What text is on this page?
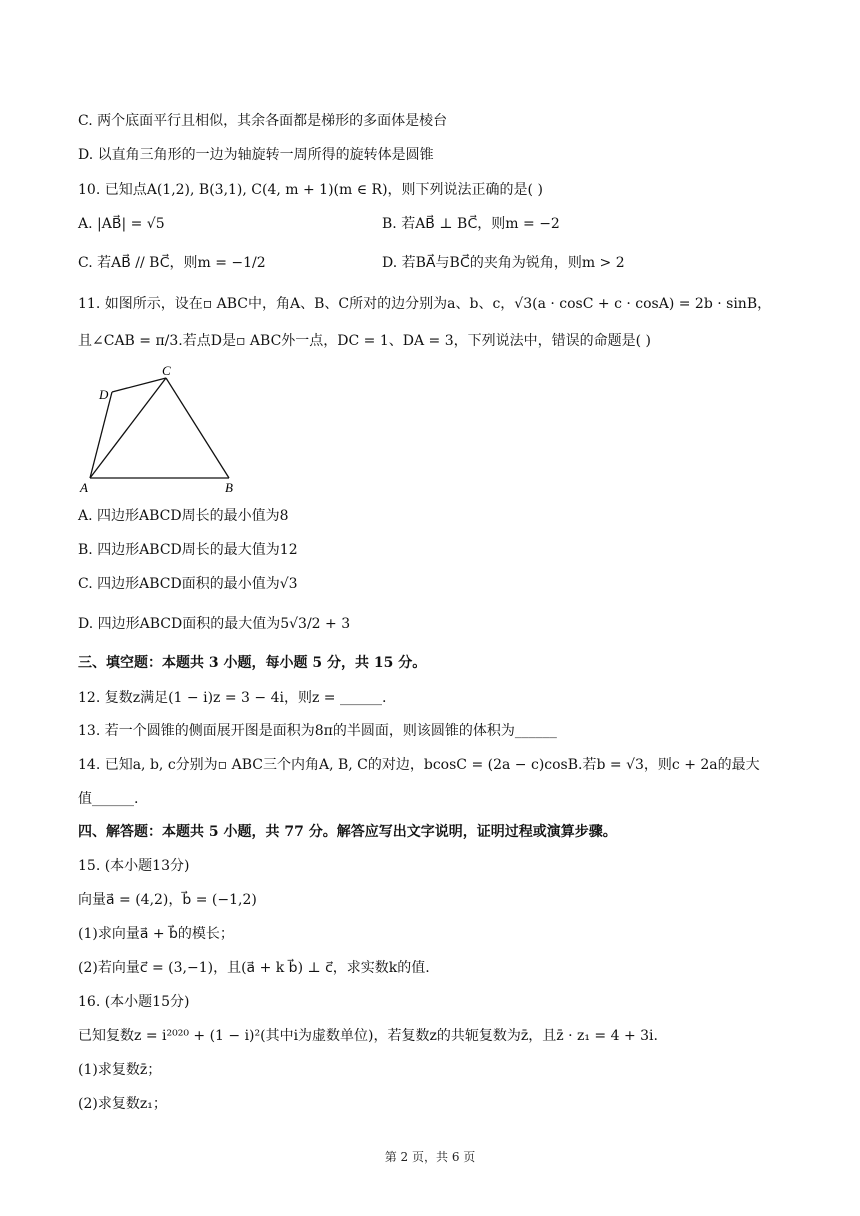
C. 两个底面平行且相似，其余各面都是梯形的多面体是棱台
D. 以直角三角形的一边为轴旋转一周所得的旋转体是圆锥
10. 已知点A(1,2), B(3,1), C(4, m + 1)(m ∈ R)，则下列说法正确的是( )
A. |AB⃗| = √5	B. 若AB⃗ ⊥ BC⃗，则m = −2
C. 若AB⃗ // BC⃗，则m = −1/2	D. 若BA⃗与BC⃗的夹角为锐角，则m > 2
11. 如图所示，设在▫ ABC中，角A、B、C所对的边分别为a、b、c，√3(a · cosC + c · cosA) = 2b · sinB，
且∠CAB = π/3.若点D是▫ ABC外一点，DC = 1、DA = 3，下列说法中，错误的命题是( )
A	B
C
D
A. 四边形ABCD周长的最小值为8
B. 四边形ABCD周长的最大值为12
C. 四边形ABCD面积的最小值为√3
D. 四边形ABCD面积的最大值为5√3/2 + 3
三、填空题：本题共 3 小题，每小题 5 分，共 15 分。
12. 复数z满足(1 − i)z = 3 − 4i，则z = ______.
13. 若一个圆锥的侧面展开图是面积为8π的半圆面，则该圆锥的体积为______
14. 已知a, b, c分别为▫ ABC三个内角A, B, C的对边，bcosC = (2a − c)cosB.若b = √3，则c + 2a的最大
值______.
四、解答题：本题共 5 小题，共 77 分。解答应写出文字说明，证明过程或演算步骤。
15. (本小题13分)
向量a⃗ = (4,2)，b⃗ = (−1,2)
(1)求向量a⃗ + b⃗的模长；
(2)若向量c⃗ = (3,−1)，且(a⃗ + k b⃗) ⊥ c⃗，求实数k的值.
16. (本小题15分)
已知复数z = i²⁰²⁰ + (1 − i)²(其中i为虚数单位)，若复数z的共轭复数为z̄，且z̄ · z₁ = 4 + 3i.
(1)求复数z̄；
(2)求复数z₁；
第 2 页，共 6 页
